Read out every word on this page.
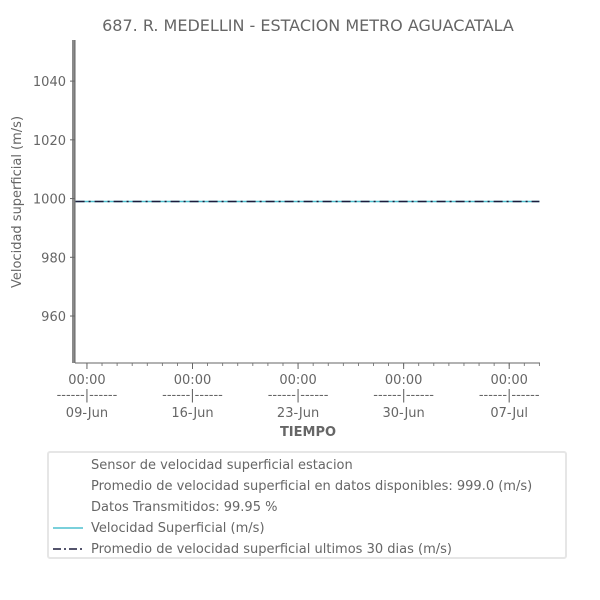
687. R. MEDELLIN - ESTACION METRO AGUACATALA
Velocidad superficial (m/s)
TIEMPO
960
980
1000
1020
1040
00:00
------|------
09-Jun
00:00
------|------
16-Jun
00:00
------|------
23-Jun
00:00
------|------
30-Jun
00:00
------|------
07-Jul
Sensor de velocidad superficial estacion
Promedio de velocidad superficial en datos disponibles: 999.0 (m/s)
Datos Transmitidos: 99.95 %
Velocidad Superficial (m/s)
Promedio de velocidad superficial ultimos 30 dias (m/s)
